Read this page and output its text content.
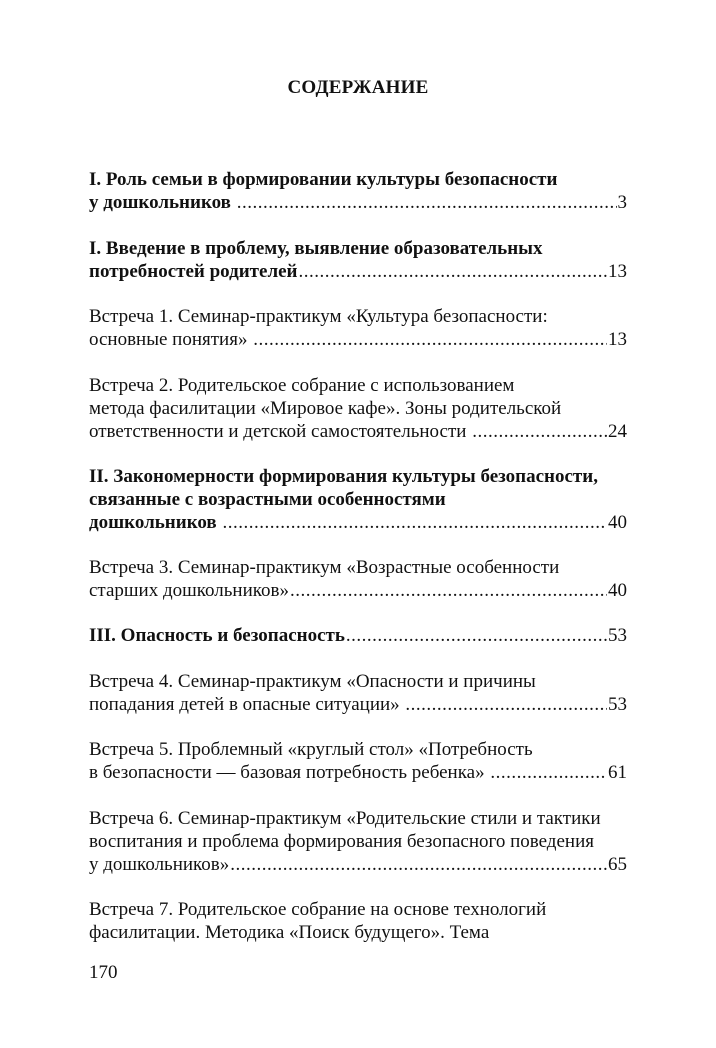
СОДЕРЖАНИЕ
I. Роль семьи в формировании культуры безопасности
у дошкольников .....	3
I. Введение в проблему, выявление образовательных
потребностей родителей .....	13
Встреча 1. Семинар-практикум «Культура безопасности:
основные понятия» .....	13
Встреча 2. Родительское собрание с использованием
метода фасилитации «Мировое кафе». Зоны родительской
ответственности и детской самостоятельности .....	24
II. Закономерности формирования культуры безопасности,
связанные с возрастными особенностями
дошкольников .....	40
Встреча 3. Семинар-практикум «Возрастные особенности
старших дошкольников» .....	40
III. Опасность и безопасность .....	53
Встреча 4. Семинар-практикум «Опасности и причины
попадания детей в опасные ситуации» .....	53
Встреча 5. Проблемный «круглый стол» «Потребность
в безопасности — базовая потребность ребенка» .....	61
Встреча 6. Семинар-практикум «Родительские стили и тактики
воспитания и проблема формирования безопасного поведения
у дошкольников» .....	65
Встреча 7. Родительское собрание на основе технологий
фасилитации. Методика «Поиск будущего». Тема
170
